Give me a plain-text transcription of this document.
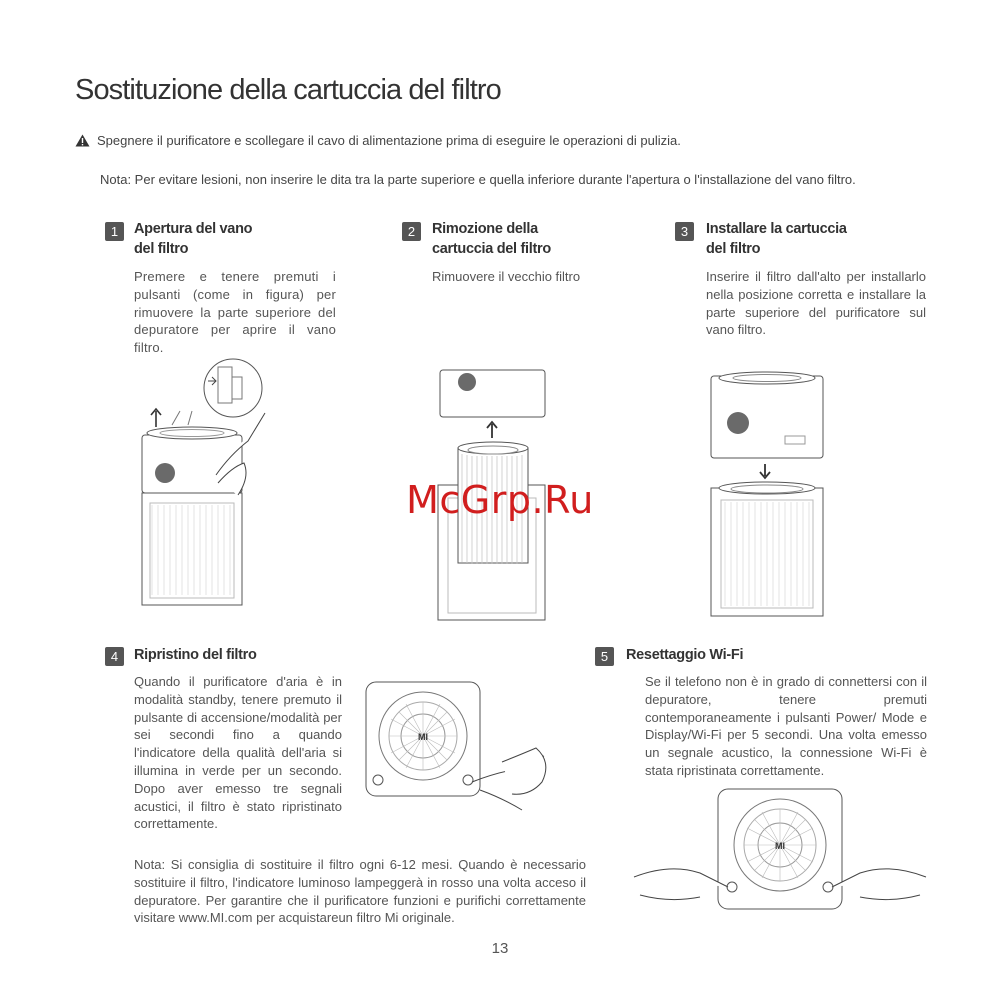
Sostituzione della cartuccia del filtro
Spegnere il purificatore e scollegare il cavo di alimentazione prima di eseguire le operazioni di pulizia.
Nota: Per evitare lesioni, non inserire le dita tra la parte superiore e quella inferiore durante l'apertura o l'installazione del vano filtro.
1	Apertura del vano
del filtro
Premere e tenere premuti i pulsanti (come in figura) per rimuovere la parte superiore del depuratore per aprire il vano filtro.
2	Rimozione della
cartuccia del filtro
Rimuovere il vecchio filtro
3	Installare la cartuccia
del filtro
Inserire il filtro dall'alto per installarlo nella posizione corretta e installare la parte superiore del purificatore sul vano filtro.
McGrp.Ru
4	Ripristino del filtro
Quando il purificatore d'aria è in modalità standby, tenere premuto il pulsante di accensione/modalità per sei secondi fino a quando l'indicatore della qualità dell'aria si illumina in verde per un secondo. Dopo aver emesso tre segnali acustici, il filtro è stato ripristinato correttamente.
MI
5	Resettaggio Wi-Fi
Se il telefono non è in grado di connettersi con il depuratore, tenere premuti contemporaneamente i pulsanti Power/ Mode e Display/Wi-Fi per 5 secondi. Una volta emesso un segnale acustico, la connessione Wi-Fi è stata ripristinata correttamente.
MI
Nota: Si consiglia di sostituire il filtro ogni 6-12 mesi. Quando è necessario sostituire il filtro, l'indicatore luminoso lampeggerà in rosso una volta acceso il depuratore. Per garantire che il purificatore funzioni e purifichi correttamente visitare www.MI.com per acquistareun filtro Mi originale.
13
